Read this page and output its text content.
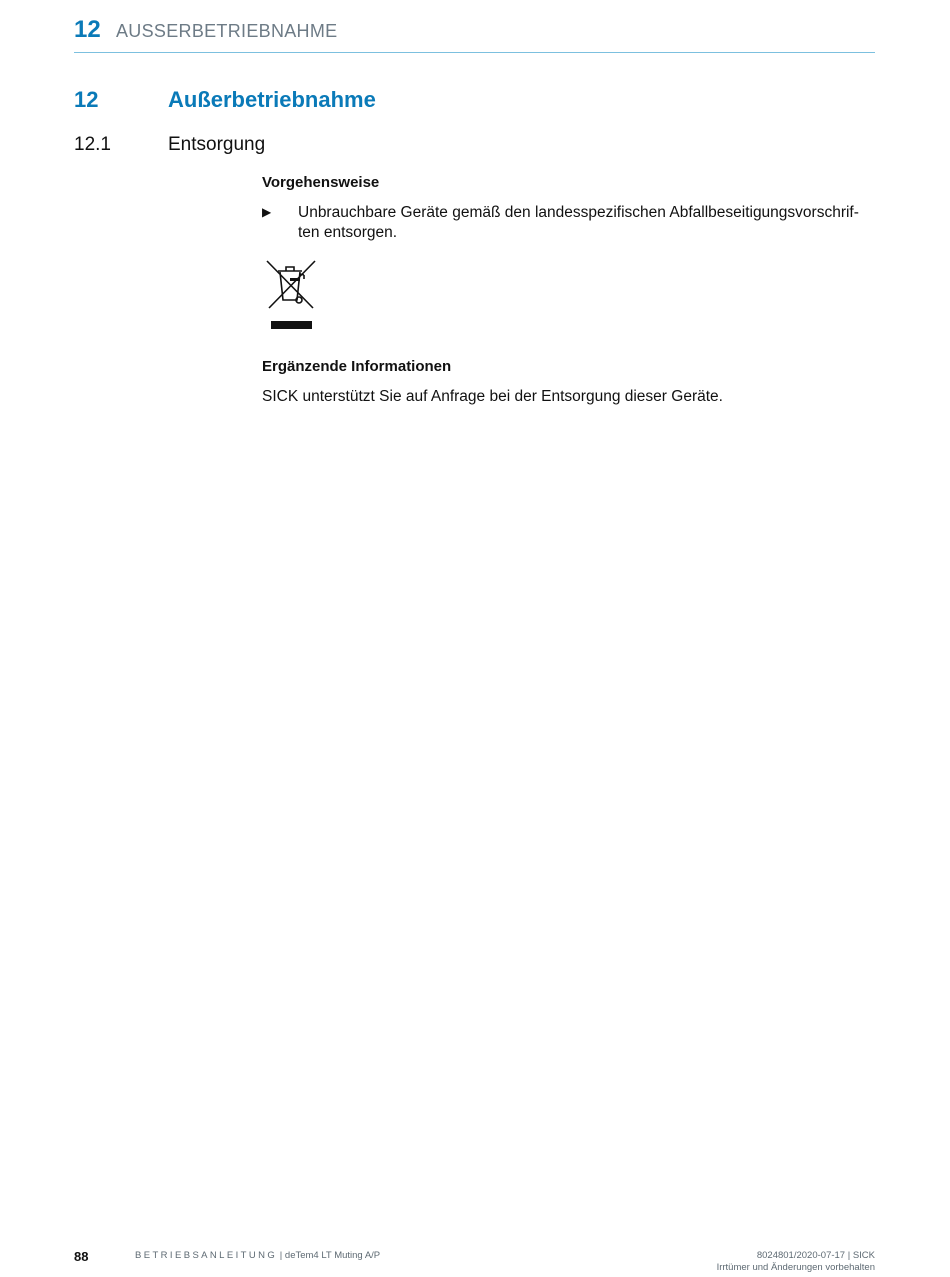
12 AUSSERBETRIEBNAHME
12	Außerbetriebnahme
12.1	Entsorgung
Vorgehensweise
▶ Unbrauchbare Geräte gemäß den landesspezifischen Abfallbeseitigungsvorschrif-
ten entsorgen.
Ergänzende Informationen
SICK unterstützt Sie auf Anfrage bei der Entsorgung dieser Geräte.
88	BETRIEBSANLEITUNG | deTem4 LT Muting A/P	8024801/2020-07-17 | SICK
Irrtümer und Änderungen vorbehalten
